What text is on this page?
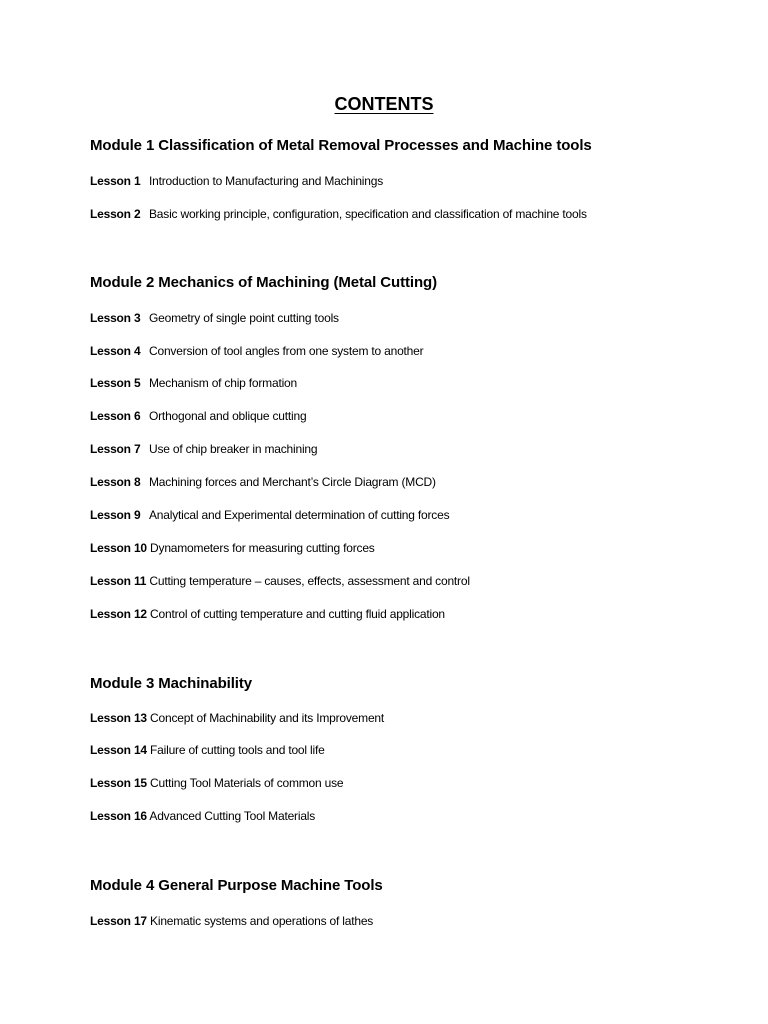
CONTENTS
Module 1 Classification of Metal Removal Processes and Machine tools
Lesson 1 Introduction to Manufacturing and Machinings
Lesson 2 Basic working principle, configuration, specification and classification of machine tools
Module 2 Mechanics of Machining (Metal Cutting)
Lesson 3 Geometry of single point cutting tools
Lesson 4 Conversion of tool angles from one system to another
Lesson 5 Mechanism of chip formation
Lesson 6 Orthogonal and oblique cutting
Lesson 7 Use of chip breaker in machining
Lesson 8 Machining forces and Merchant’s Circle Diagram (MCD)
Lesson 9 Analytical and Experimental determination of cutting forces
Lesson 10 Dynamometers for measuring cutting forces
Lesson 11 Cutting temperature – causes, effects, assessment and control
Lesson 12 Control of cutting temperature and cutting fluid application
Module 3 Machinability
Lesson 13 Concept of Machinability and its Improvement
Lesson 14 Failure of cutting tools and tool life
Lesson 15 Cutting Tool Materials of common use
Lesson 16 Advanced Cutting Tool Materials
Module 4 General Purpose Machine Tools
Lesson 17 Kinematic systems and operations of lathes
